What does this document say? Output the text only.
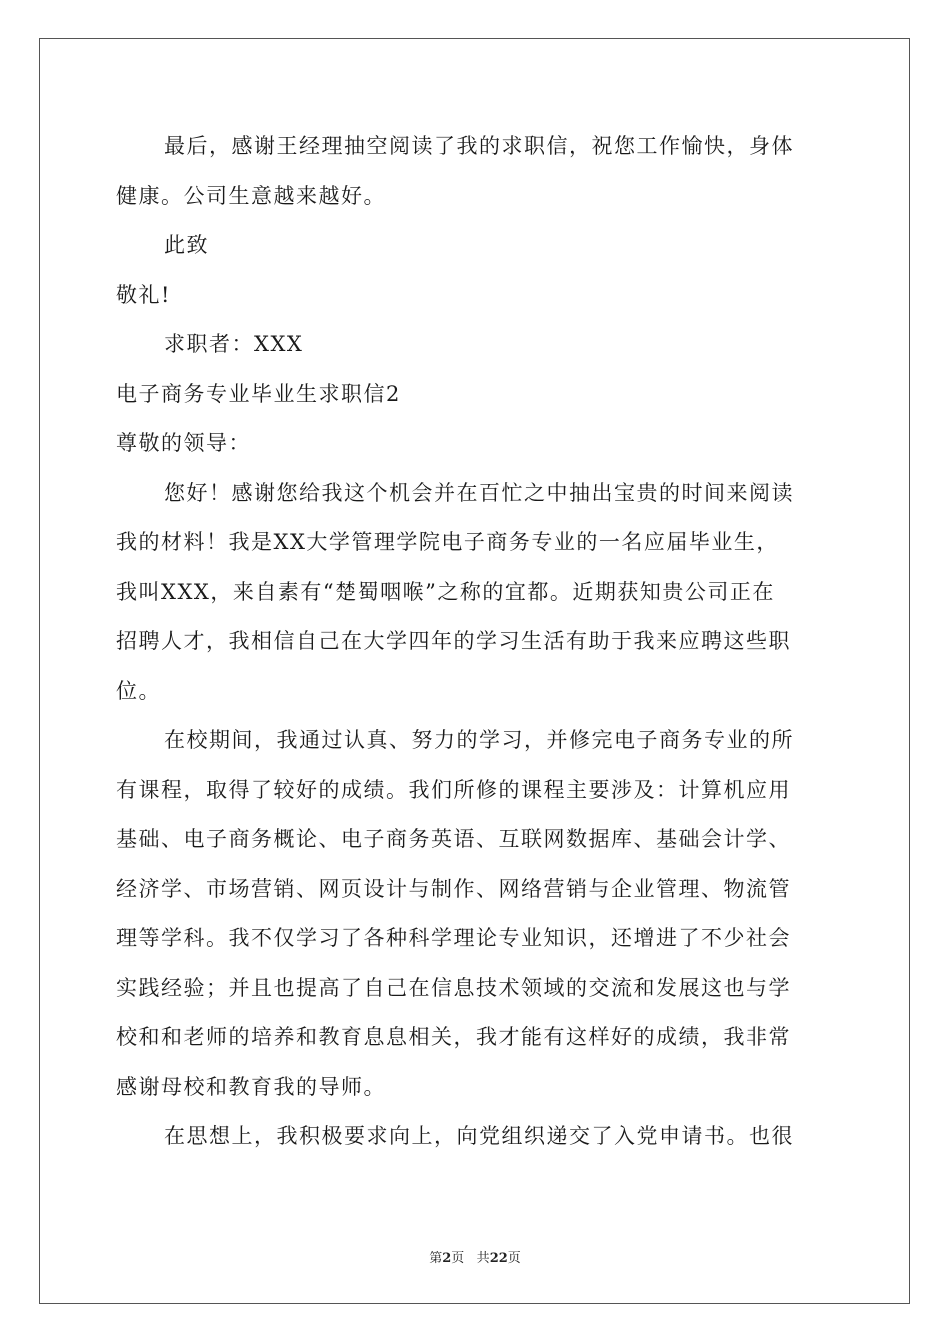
最后，感谢王经理抽空阅读了我的求职信，祝您工作愉快，身体
健康。公司生意越来越好。
此致
敬礼!
求职者：XXX
电子商务专业毕业生求职信2
尊敬的领导：
您好！感谢您给我这个机会并在百忙之中抽出宝贵的时间来阅读
我的材料！我是XX大学管理学院电子商务专业的一名应届毕业生，
我叫XXX，来自素有“楚蜀咽喉”之称的宜都。近期获知贵公司正在
招聘人才，我相信自己在大学四年的学习生活有助于我来应聘这些职
位。
在校期间，我通过认真、努力的学习，并修完电子商务专业的所
有课程，取得了较好的成绩。我们所修的课程主要涉及：计算机应用
基础、电子商务概论、电子商务英语、互联网数据库、基础会计学、
经济学、市场营销、网页设计与制作、网络营销与企业管理、物流管
理等学科。我不仅学习了各种科学理论专业知识，还增进了不少社会
实践经验；并且也提高了自己在信息技术领域的交流和发展这也与学
校和和老师的培养和教育息息相关，我才能有这样好的成绩，我非常
感谢母校和教育我的导师。
在思想上，我积极要求向上，向党组织递交了入党申请书。也很
第2页 共22页
